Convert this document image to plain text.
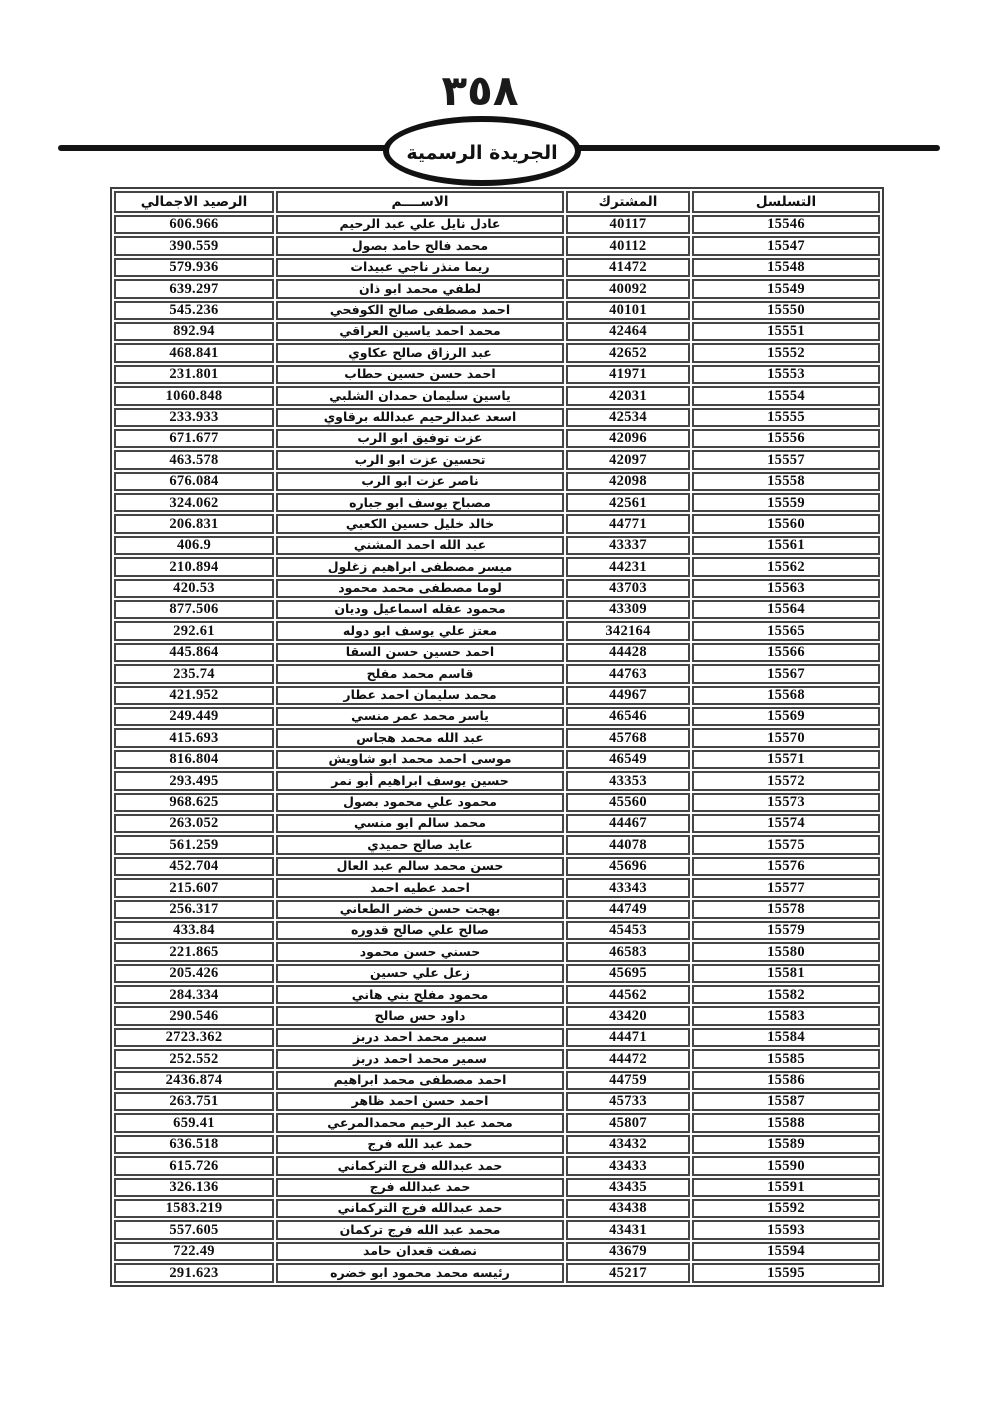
٣٥٨
الجريدة الرسمية
التسلسل	المشترك	الاســــم	الرصيد الاجمالي
15546	40117	عادل نايل علي عبد الرحيم	606.966
15547	40112	محمد فالح حامد بصول	390.559
15548	41472	ريما منذر ناجي عبيدات	579.936
15549	40092	لطفي محمد ابو ذان	639.297
15550	40101	احمد مصطفى صالح الكوفحي	545.236
15551	42464	محمد احمد ياسين العراقي	892.94
15552	42652	عبد الرزاق صالح عكاوي	468.841
15553	41971	احمد حسن حسين حطاب	231.801
15554	42031	ياسين سليمان حمدان الشلبي	1060.848
15555	42534	اسعد عبدالرحيم عبدالله برقاوي	233.933
15556	42096	عزت توفيق ابو الرب	671.677
15557	42097	تحسين عزت ابو الرب	463.578
15558	42098	ناصر عزت ابو الرب	676.084
15559	42561	مصباح يوسف ابو جباره	324.062
15560	44771	خالد خليل حسين الكعبي	206.831
15561	43337	عبد الله احمد المشني	406.9
15562	44231	ميسر مصطفى ابراهيم زغلول	210.894
15563	43703	لوما مصطفى محمد محمود	420.53
15564	43309	محمود عقله اسماعيل وديان	877.506
15565	342164	معتز علي يوسف ابو دوله	292.61
15566	44428	احمد حسين حسن السقا	445.864
15567	44763	قاسم محمد مفلح	235.74
15568	44967	محمد سليمان احمد عطار	421.952
15569	46546	ياسر محمد عمر منسي	249.449
15570	45768	عبد الله محمد هجاس	415.693
15571	46549	موسى احمد محمد ابو شاويش	816.804
15572	43353	حسين يوسف ابراهيم أبو نمر	293.495
15573	45560	محمود علي محمود بصول	968.625
15574	44467	محمد سالم ابو منسي	263.052
15575	44078	عايد صالح حميدي	561.259
15576	45696	حسن محمد سالم عبد العال	452.704
15577	43343	احمد عطيه احمد	215.607
15578	44749	بهجت حسن خضر الطعاني	256.317
15579	45453	صالح علي صالح قدوره	433.84
15580	46583	حسني حسن محمود	221.865
15581	45695	زعل علي حسين	205.426
15582	44562	محمود مفلح بني هاني	284.334
15583	43420	داود حس صالح	290.546
15584	44471	سمير محمد احمد دربز	2723.362
15585	44472	سمير محمد احمد دربز	252.552
15586	44759	احمد مصطفى محمد ابراهيم	2436.874
15587	45733	احمد حسن احمد ظاهر	263.751
15588	45807	محمد عبد الرحيم محمدالمرعي	659.41
15589	43432	حمد عبد الله فرج	636.518
15590	43433	حمد عبدالله فرج التركماني	615.726
15591	43435	حمد عبدالله فرج	326.136
15592	43438	حمد عبدالله فرج التركماني	1583.219
15593	43431	محمد عبد الله فرج تركمان	557.605
15594	43679	نصفت قعدان حامد	722.49
15595	45217	رئيسه محمد محمود ابو خضره	291.623
